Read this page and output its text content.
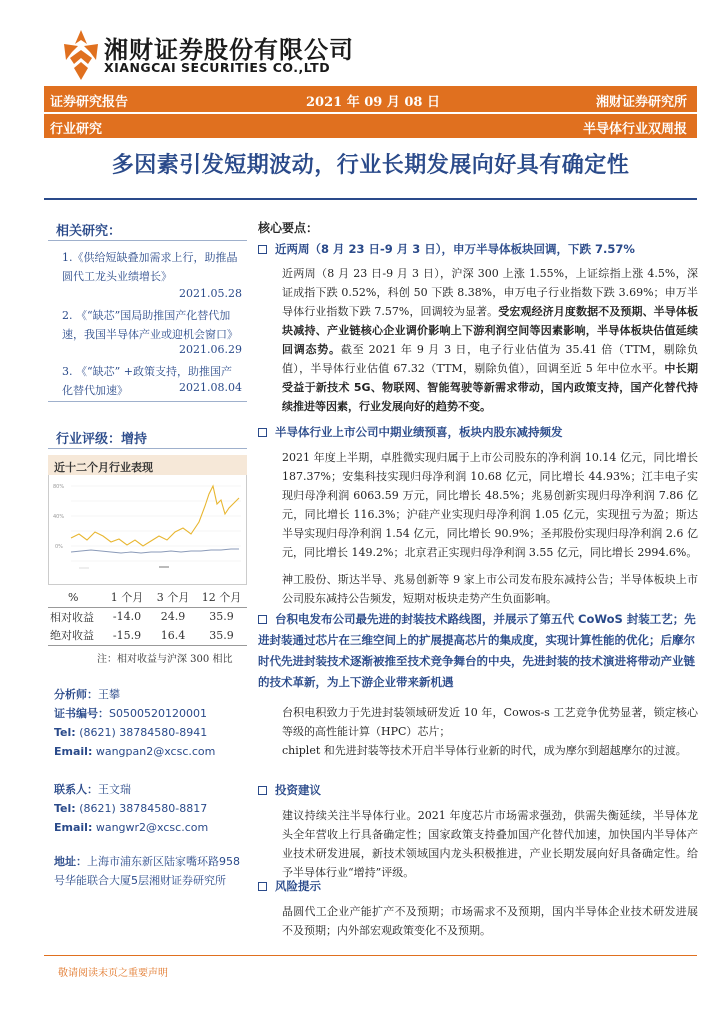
湘财证券股份有限公司
XIANGCAI SECURITIES CO.,LTD
证券研究报告	2021 年 09 月 08 日	湘财证券研究所
行业研究	半导体行业双周报
多因素引发短期波动，行业长期发展向好具有确定性
相关研究：
1.《供给短缺叠加需求上行，助推晶圆代工龙头业绩增长》
2021.05.28
2. 《“缺芯”国局助推国产化替代加速，我国半导体产业或迎机会窗口》
2021.06.29
3. 《“缺芯” +政策支持，助推国产化替代加速》	2021.08.04
行业评级：增持
80%
40%
0%
近十二个月行业表现
%	1 个月	3 个月	12 个月
相对收益	-14.0	24.9	35.9
绝对收益	-15.9	16.4	35.9
注：相对收益与沪深 300 相比
分析师：王攀
证书编号：S0500520120001
Tel: (8621) 38784580-8941
Email: wangpan2@xcsc.com
联系人：王文瑞
Tel: (8621) 38784580-8817
Email: wangwr2@xcsc.com
地址：上海市浦东新区陆家嘴环路958号华能联合大厦5层湘财证券研究所
核心要点：
近两周（8 月 23 日-9 月 3 日），申万半导体板块回调，下跌 7.57%
近两周（8 月 23 日-9 月 3 日），沪深 300 上涨 1.55%，上证综指上涨 4.5%，深证成指下跌 0.52%，科创 50 下跌 8.38%，申万电子行业指数下跌 3.69%；申万半导体行业指数下跌 7.57%，回调较为显著。受宏观经济月度数据不及预期、半导体板块减持、产业链核心企业调价影响上下游利润空间等因素影响，半导体板块估值延续回调态势。截至 2021 年 9 月 3 日，电子行业估值为 35.41 倍（TTM，剔除负值），半导体行业估值 67.32（TTM，剔除负值），回调至近 5 年中位水平。中长期受益于新技术 5G、物联网、智能驾驶等新需求带动，国内政策支持，国产化替代持续推进等因素，行业发展向好的趋势不变。
半导体行业上市公司中期业绩预喜，板块内股东减持频发
2021 年度上半期，卓胜微实现归属于上市公司股东的净利润 10.14 亿元，同比增长 187.37%；安集科技实现归母净利润 10.68 亿元，同比增长 44.93%；江丰电子实现归母净利润 6063.59 万元，同比增长 48.5%；兆易创新实现归母净利润 7.86 亿元，同比增长 116.3%；沪硅产业实现归母净利润 1.05 亿元，实现扭亏为盈；斯达半导实现归母净利润 1.54 亿元，同比增长 90.9%；圣邦股份实现归母净利润 2.6 亿元，同比增长 149.2%；北京君正实现归母净利润 3.55 亿元，同比增长 2994.6%。
神工股份、斯达半导、兆易创新等 9 家上市公司发布股东减持公告；半导体板块上市公司股东减持公告频发，短期对板块走势产生负面影响。
台积电发布公司最先进的封装技术路线图，并展示了第五代 CoWoS 封装工艺；先进封装通过芯片在三维空间上的扩展提高芯片的集成度，实现计算性能的优化；后摩尔时代先进封装技术逐渐被推至技术竞争舞台的中央，先进封装的技术演进将带动产业链的技术革新，为上下游企业带来新机遇
台积电积致力于先进封装领域研发近 10 年，Cowos-s 工艺竞争优势显著，锁定核心等级的高性能计算（HPC）芯片；
chiplet 和先进封装等技术开启半导体行业新的时代，成为摩尔到超越摩尔的过渡。
投资建议
建议持续关注半导体行业。2021 年度芯片市场需求强劲，供需失衡延续，半导体龙头全年营收上行具备确定性；国家政策支持叠加国产化替代加速，加快国内半导体产业技术研发进展，新技术领域国内龙头积极推进，产业长期发展向好具备确定性。给予半导体行业“增持”评级。
风险提示
晶圆代工企业产能扩产不及预期；市场需求不及预期，国内半导体企业技术研发进展不及预期；内外部宏观政策变化不及预期。
敬请阅读末页之重要声明
